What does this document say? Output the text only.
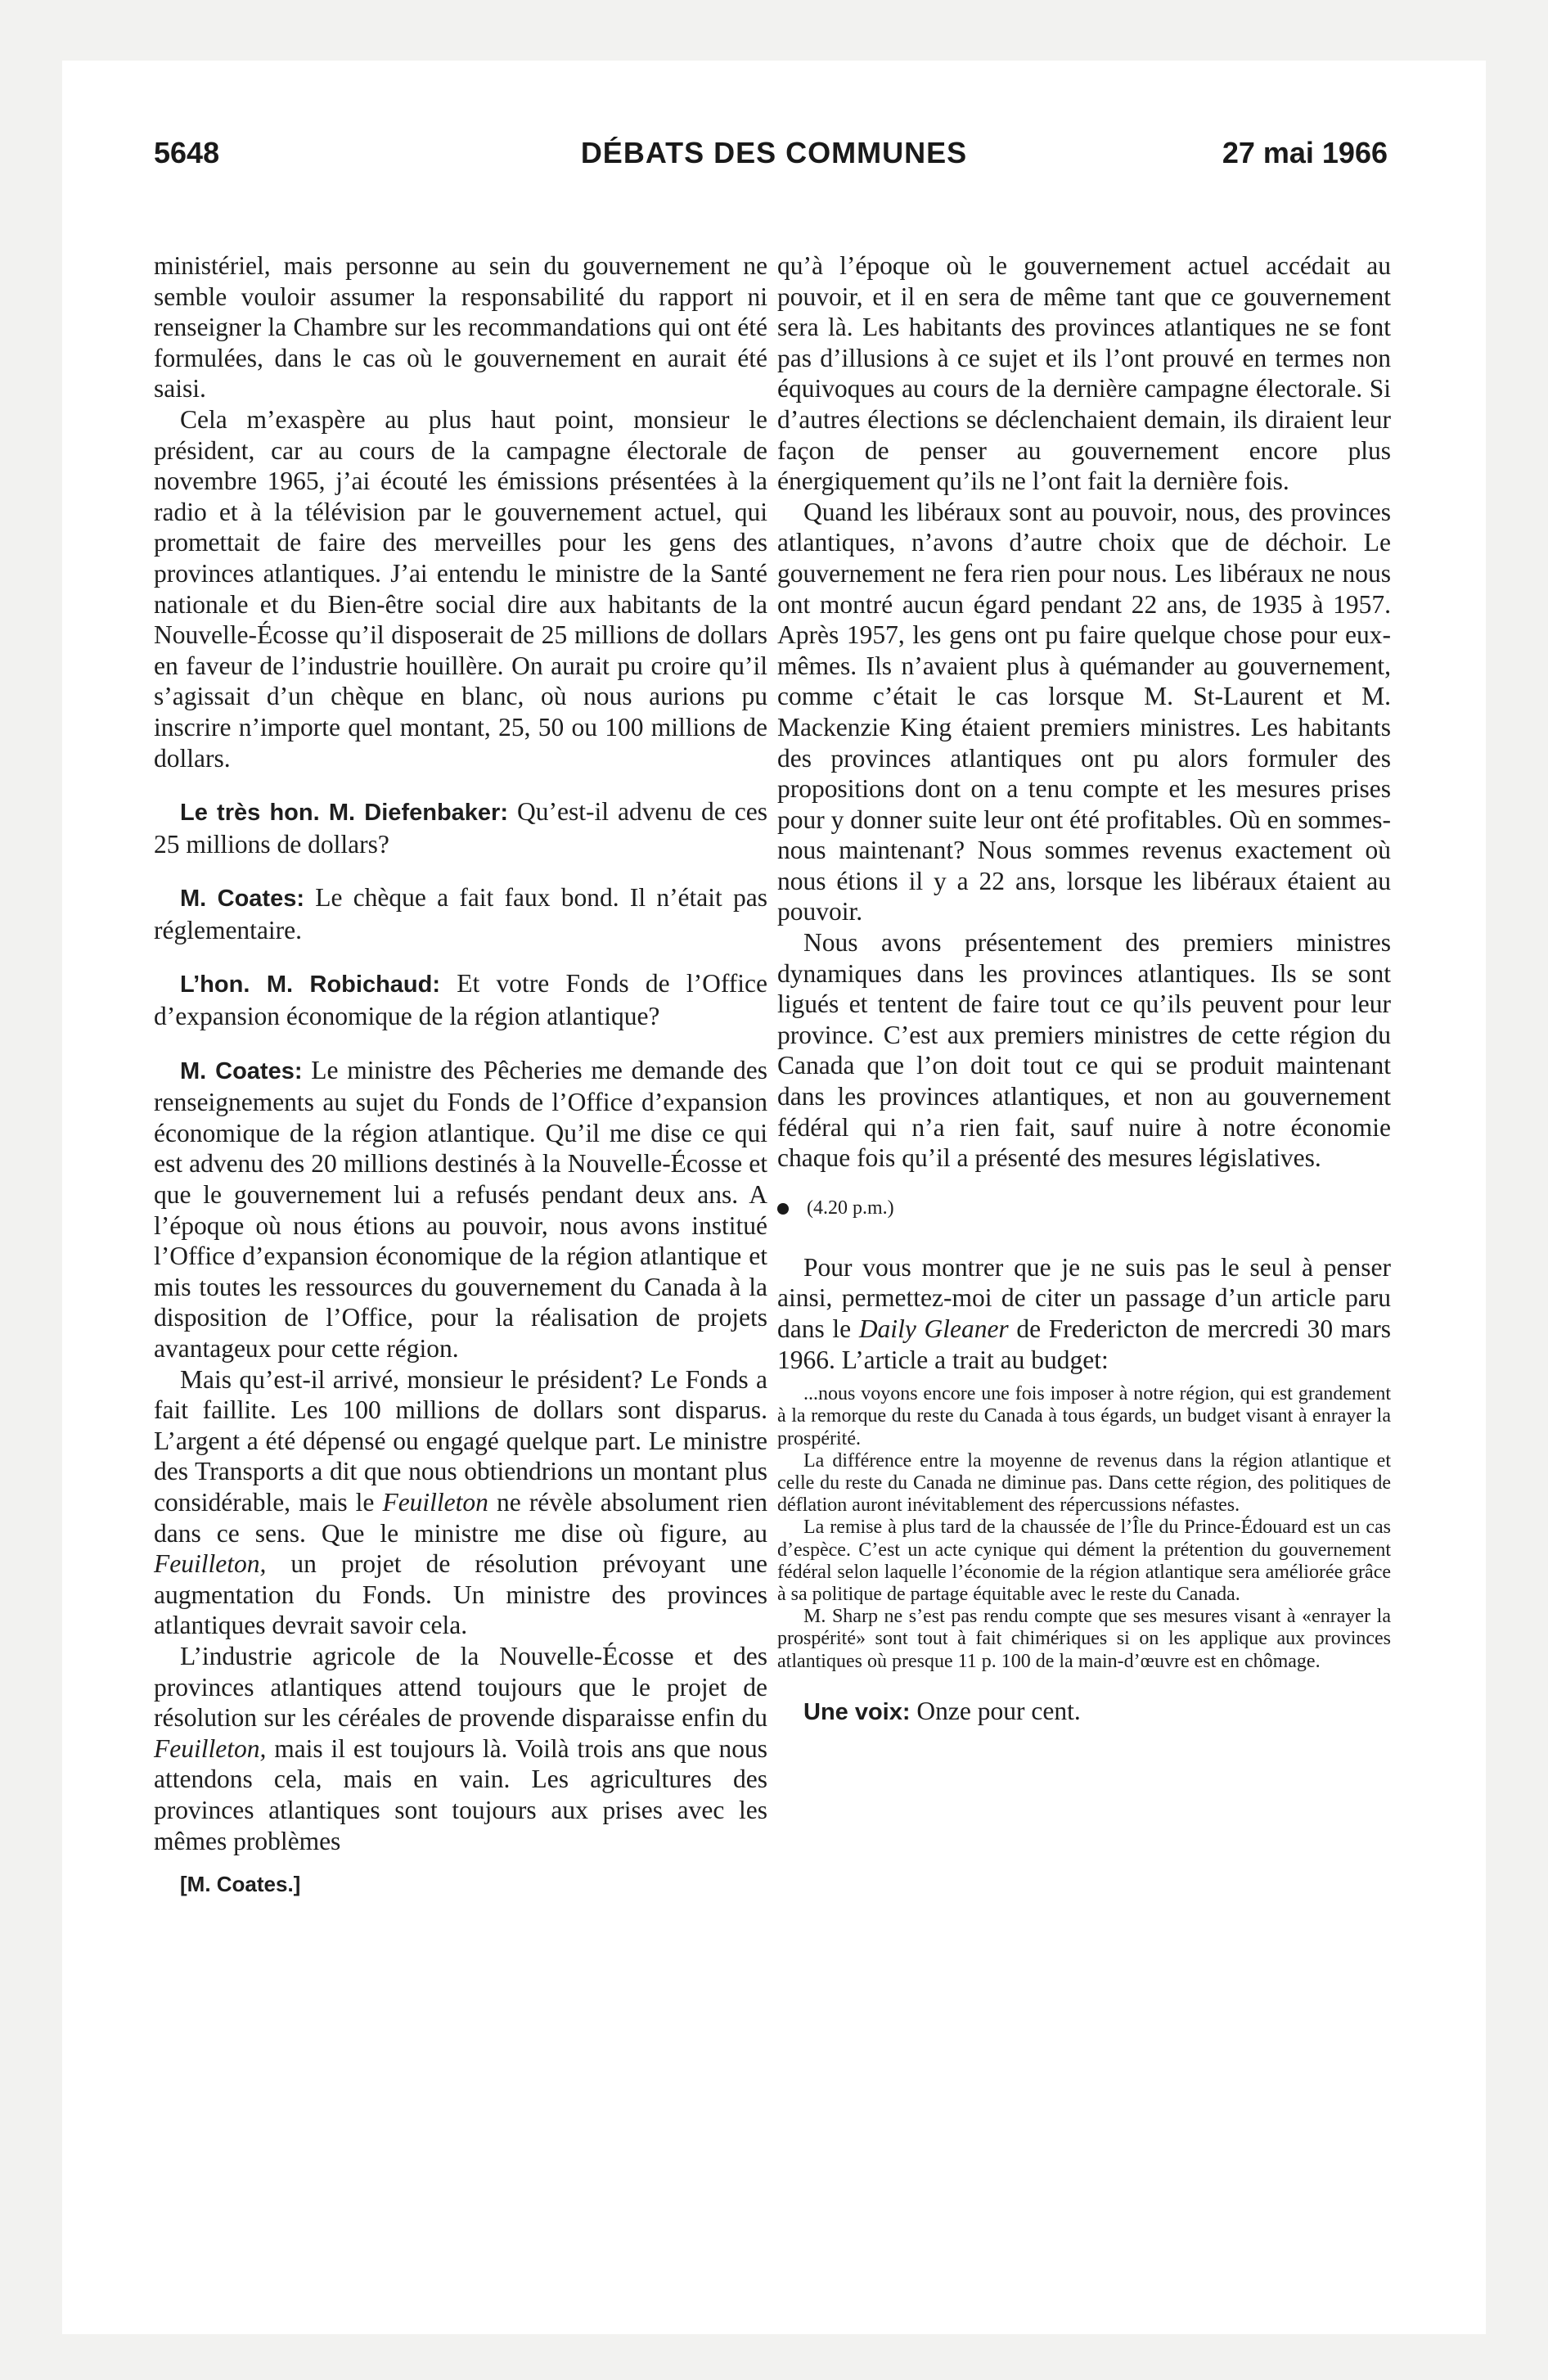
5648	DÉBATS DES COMMUNES	27 mai 1966

ministériel, mais personne au sein du gouvernement ne semble vouloir assumer la responsabilité du rapport ni renseigner la Chambre sur les recommandations qui ont été formulées, dans le cas où le gouvernement en aurait été saisi.

Cela m’exaspère au plus haut point, monsieur le président, car au cours de la campagne électorale de novembre 1965, j’ai écouté les émissions présentées à la radio et à la télévision par le gouvernement actuel, qui promettait de faire des merveilles pour les gens des provinces atlantiques. J’ai entendu le ministre de la Santé nationale et du Bien-être social dire aux habitants de la Nouvelle-Écosse qu’il disposerait de 25 millions de dollars en faveur de l’industrie houillère. On aurait pu croire qu’il s’agissait d’un chèque en blanc, où nous aurions pu inscrire n’importe quel montant, 25, 50 ou 100 millions de dollars.

Le très hon. M. Diefenbaker: Qu’est-il advenu de ces 25 millions de dollars?

M. Coates: Le chèque a fait faux bond. Il n’était pas réglementaire.

L’hon. M. Robichaud: Et votre Fonds de l’Office d’expansion économique de la région atlantique?

M. Coates: Le ministre des Pêcheries me demande des renseignements au sujet du Fonds de l’Office d’expansion économique de la région atlantique. Qu’il me dise ce qui est advenu des 20 millions destinés à la Nouvelle-Écosse et que le gouvernement lui a refusés pendant deux ans. A l’époque où nous étions au pouvoir, nous avons institué l’Office d’expansion économique de la région atlantique et mis toutes les ressources du gouvernement du Canada à la disposition de l’Office, pour la réalisation de projets avantageux pour cette région.

Mais qu’est-il arrivé, monsieur le président? Le Fonds a fait faillite. Les 100 millions de dollars sont disparus. L’argent a été dépensé ou engagé quelque part. Le ministre des Transports a dit que nous obtiendrions un montant plus considérable, mais le Feuilleton ne révèle absolument rien dans ce sens. Que le ministre me dise où figure, au Feuilleton, un projet de résolution prévoyant une augmentation du Fonds. Un ministre des provinces atlantiques devrait savoir cela.

L’industrie agricole de la Nouvelle-Écosse et des provinces atlantiques attend toujours que le projet de résolution sur les céréales de provende disparaisse enfin du Feuilleton, mais il est toujours là. Voilà trois ans que nous attendons cela, mais en vain. Les agricultures des provinces atlantiques sont toujours aux prises avec les mêmes problèmes

[M. Coates.]

qu’à l’époque où le gouvernement actuel accédait au pouvoir, et il en sera de même tant que ce gouvernement sera là. Les habitants des provinces atlantiques ne se font pas d’illusions à ce sujet et ils l’ont prouvé en termes non équivoques au cours de la dernière campagne électorale. Si d’autres élections se déclenchaient demain, ils diraient leur façon de penser au gouvernement encore plus énergiquement qu’ils ne l’ont fait la dernière fois.

Quand les libéraux sont au pouvoir, nous, des provinces atlantiques, n’avons d’autre choix que de déchoir. Le gouvernement ne fera rien pour nous. Les libéraux ne nous ont montré aucun égard pendant 22 ans, de 1935 à 1957. Après 1957, les gens ont pu faire quelque chose pour eux-mêmes. Ils n’avaient plus à quémander au gouvernement, comme c’était le cas lorsque M. St-Laurent et M. Mackenzie King étaient premiers ministres. Les habitants des provinces atlantiques ont pu alors formuler des propositions dont on a tenu compte et les mesures prises pour y donner suite leur ont été profitables. Où en sommes-nous maintenant? Nous sommes revenus exactement où nous étions il y a 22 ans, lorsque les libéraux étaient au pouvoir.

Nous avons présentement des premiers ministres dynamiques dans les provinces atlantiques. Ils se sont ligués et tentent de faire tout ce qu’ils peuvent pour leur province. C’est aux premiers ministres de cette région du Canada que l’on doit tout ce qui se produit maintenant dans les provinces atlantiques, et non au gouvernement fédéral qui n’a rien fait, sauf nuire à notre économie chaque fois qu’il a présenté des mesures législatives.

(4.20 p.m.)

Pour vous montrer que je ne suis pas le seul à penser ainsi, permettez-moi de citer un passage d’un article paru dans le Daily Gleaner de Fredericton de mercredi 30 mars 1966. L’article a trait au budget:

...nous voyons encore une fois imposer à notre région, qui est grandement à la remorque du reste du Canada à tous égards, un budget visant à enrayer la prospérité.

La différence entre la moyenne de revenus dans la région atlantique et celle du reste du Canada ne diminue pas. Dans cette région, des politiques de déflation auront inévitablement des répercussions néfastes.

La remise à plus tard de la chaussée de l’Île du Prince-Édouard est un cas d’espèce. C’est un acte cynique qui dément la prétention du gouvernement fédéral selon laquelle l’économie de la région atlantique sera améliorée grâce à sa politique de partage équitable avec le reste du Canada.

M. Sharp ne s’est pas rendu compte que ses mesures visant à «enrayer la prospérité» sont tout à fait chimériques si on les applique aux provinces atlantiques où presque 11 p. 100 de la main-d’œuvre est en chômage.

Une voix: Onze pour cent.
